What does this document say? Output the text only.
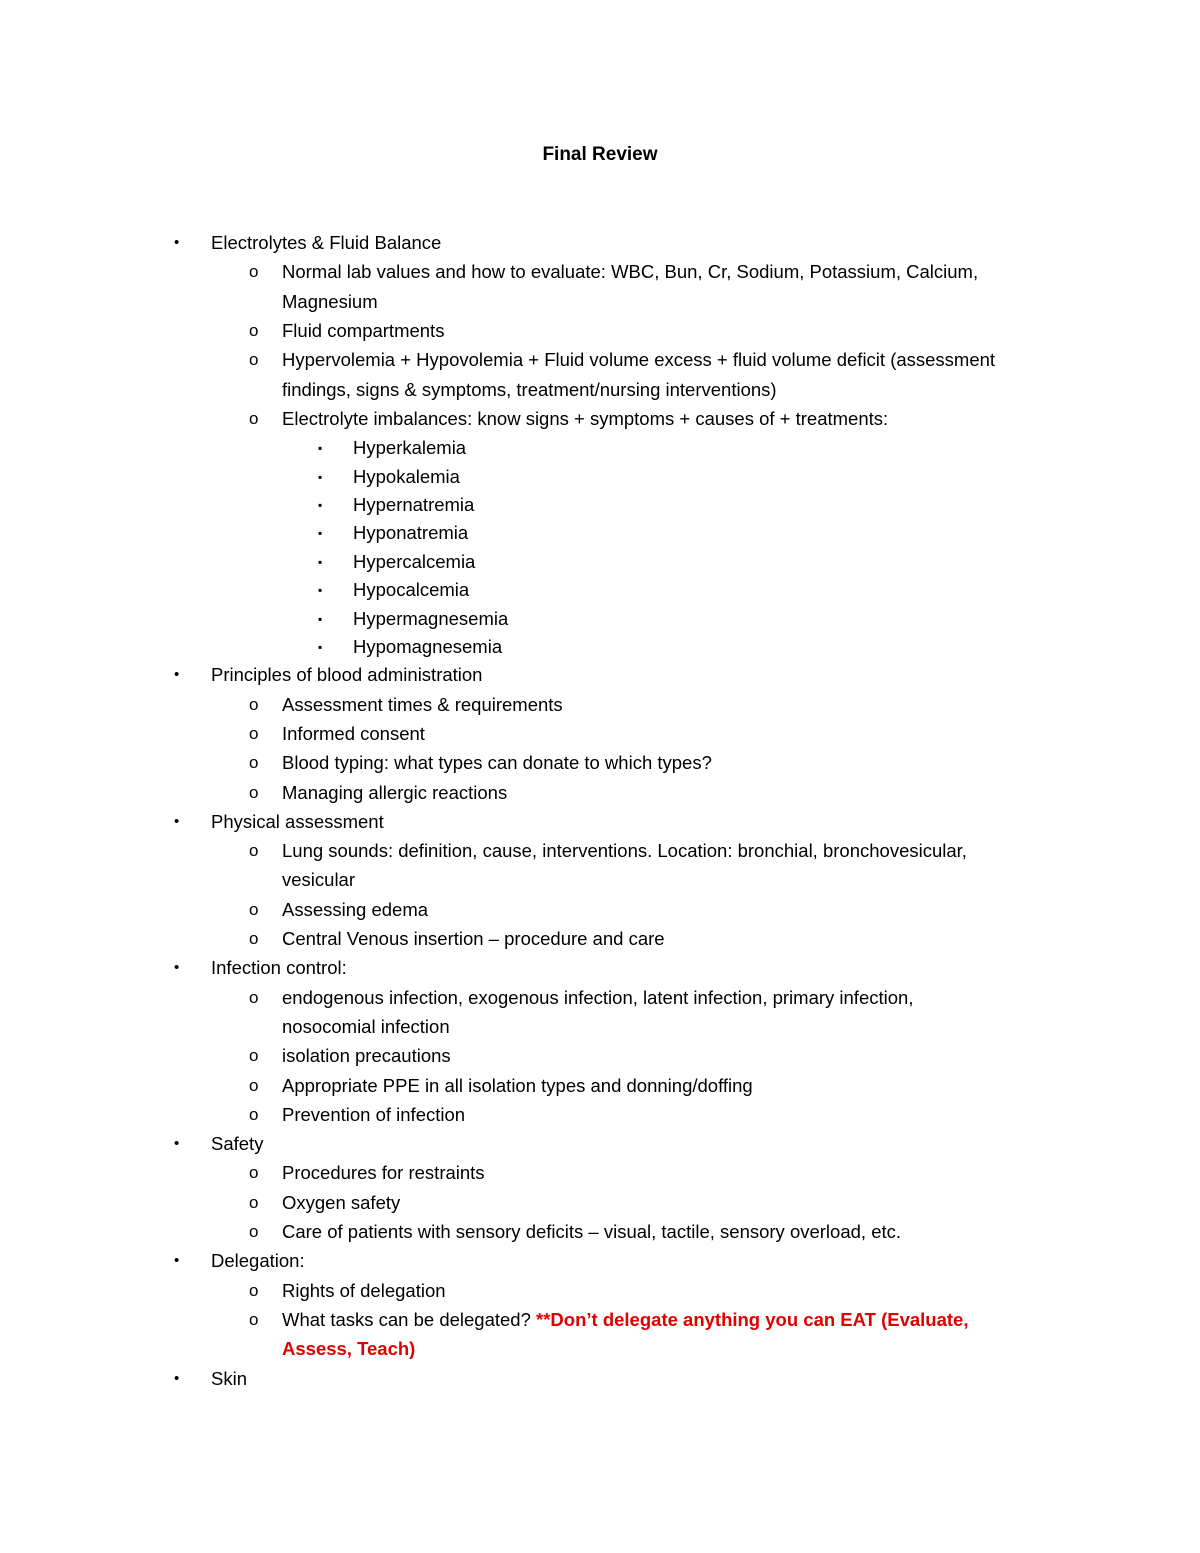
Final Review
• Electrolytes & Fluid Balance
o Normal lab values and how to evaluate: WBC, Bun, Cr, Sodium, Potassium, Calcium,
Magnesium
o Fluid compartments
o Hypervolemia + Hypovolemia + Fluid volume excess + fluid volume deficit (assessment
findings, signs & symptoms, treatment/nursing interventions)
o Electrolyte imbalances: know signs + symptoms + causes of + treatments:
▪ Hyperkalemia
▪ Hypokalemia
▪ Hypernatremia
▪ Hyponatremia
▪ Hypercalcemia
▪ Hypocalcemia
▪ Hypermagnesemia
▪ Hypomagnesemia
• Principles of blood administration
o Assessment times & requirements
o Informed consent
o Blood typing: what types can donate to which types?
o Managing allergic reactions
• Physical assessment
o Lung sounds: definition, cause, interventions. Location: bronchial, bronchovesicular,
vesicular
o Assessing edema
o Central Venous insertion – procedure and care
• Infection control:
o endogenous infection, exogenous infection, latent infection, primary infection,
nosocomial infection
o isolation precautions
o Appropriate PPE in all isolation types and donning/doffing
o Prevention of infection
• Safety
o Procedures for restraints
o Oxygen safety
o Care of patients with sensory deficits – visual, tactile, sensory overload, etc.
• Delegation:
o Rights of delegation
o What tasks can be delegated? **Don’t delegate anything you can EAT (Evaluate,
Assess, Teach)
• Skin
